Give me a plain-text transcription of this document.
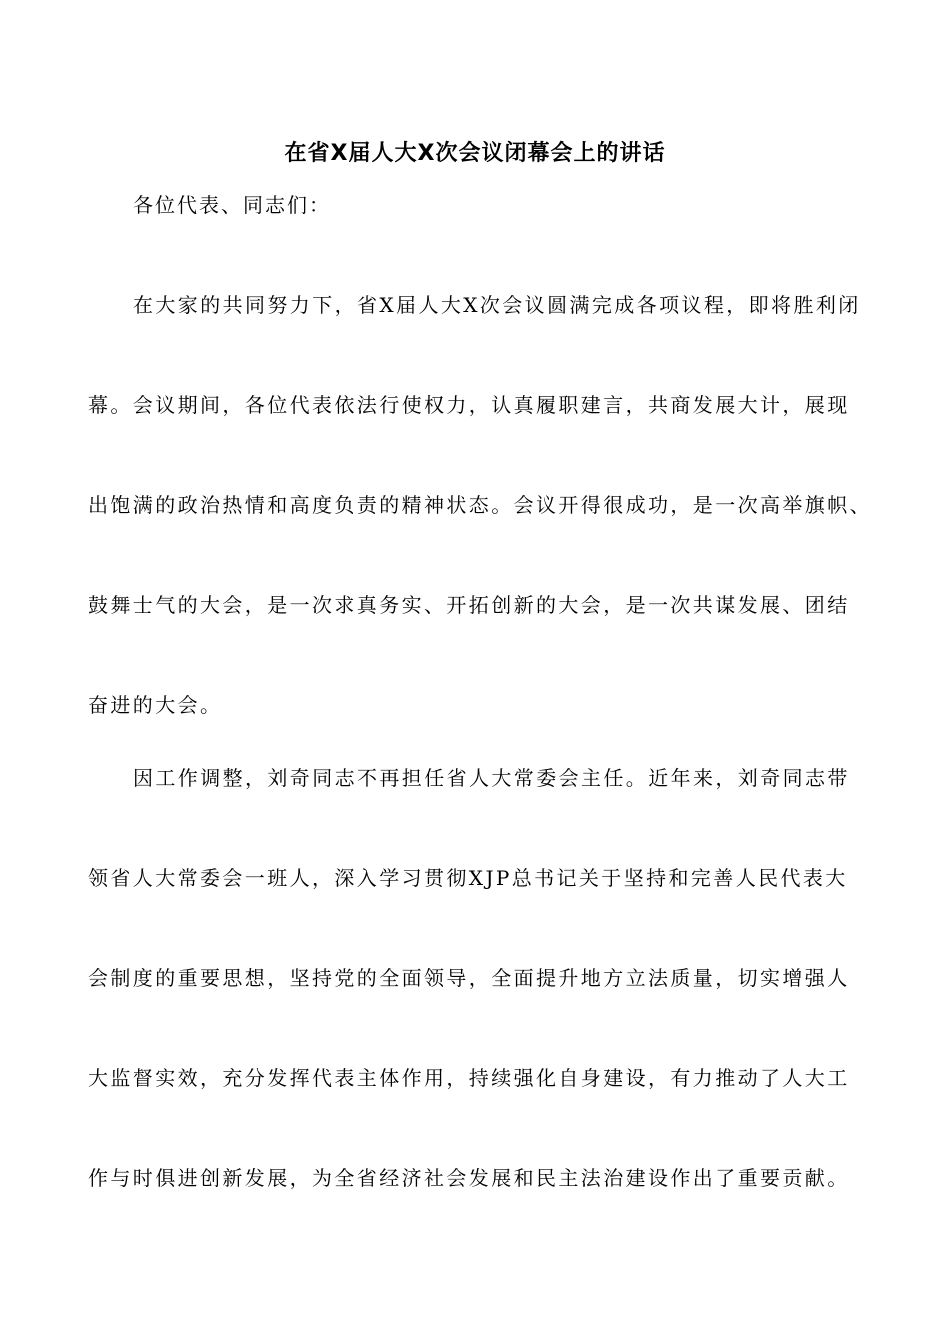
在省X届人大X次会议闭幕会上的讲话
各位代表、同志们：
在大家的共同努力下，省X届人大X次会议圆满完成各项议程，即将胜利闭
幕。会议期间，各位代表依法行使权力，认真履职建言，共商发展大计，展现
出饱满的政治热情和高度负责的精神状态。会议开得很成功，是一次高举旗帜、
鼓舞士气的大会，是一次求真务实、开拓创新的大会，是一次共谋发展、团结
奋进的大会。
因工作调整，刘奇同志不再担任省人大常委会主任。近年来，刘奇同志带
领省人大常委会一班人，深入学习贯彻XJP总书记关于坚持和完善人民代表大
会制度的重要思想，坚持党的全面领导，全面提升地方立法质量，切实增强人
大监督实效，充分发挥代表主体作用，持续强化自身建设，有力推动了人大工
作与时俱进创新发展，为全省经济社会发展和民主法治建设作出了重要贡献。
